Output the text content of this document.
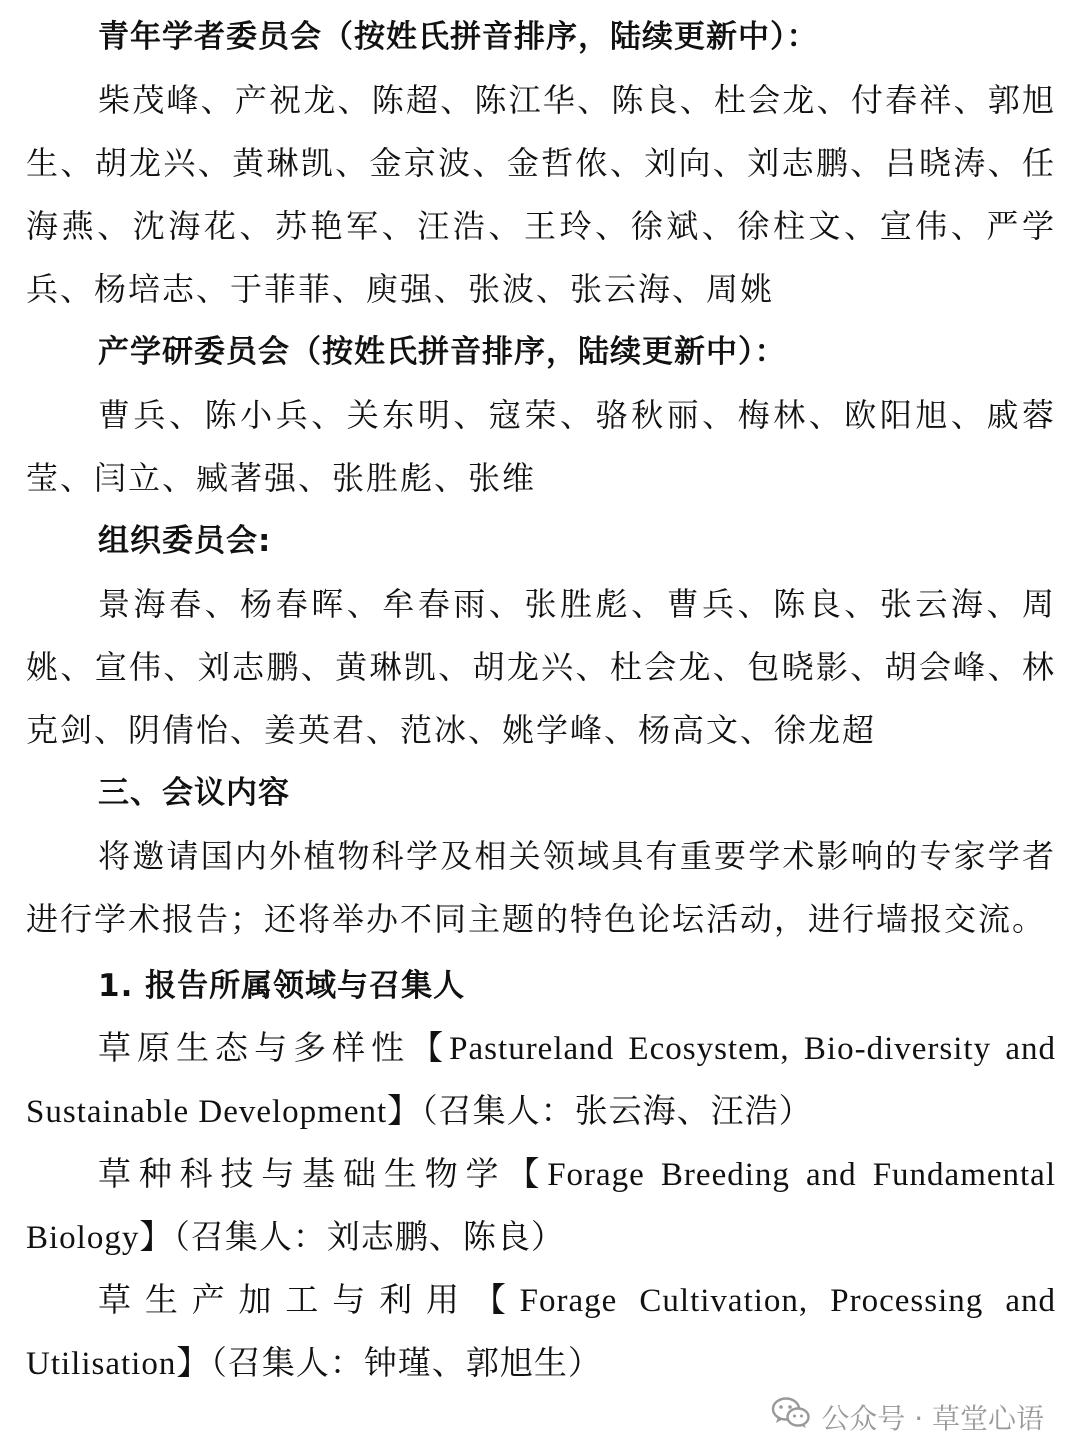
青年学者委员会（按姓氏拼音排序，陆续更新中）：

柴茂峰、产祝龙、陈超、陈江华、陈良、杜会龙、付春祥、郭旭生、胡龙兴、黄琳凯、金京波、金哲侬、刘向、刘志鹏、吕晓涛、任海燕、沈海花、苏艳军、汪浩、王玲、徐斌、徐柱文、宣伟、严学兵、杨培志、于菲菲、庾强、张波、张云海、周姚

产学研委员会（按姓氏拼音排序，陆续更新中）：

曹兵、陈小兵、关东明、寇荣、骆秋丽、梅林、欧阳旭、戚蓉莹、闫立、臧著强、张胜彪、张维

组织委员会:

景海春、杨春晖、牟春雨、张胜彪、曹兵、陈良、张云海、周姚、宣伟、刘志鹏、黄琳凯、胡龙兴、杜会龙、包晓影、胡会峰、林克剑、阴倩怡、姜英君、范冰、姚学峰、杨高文、徐龙超

三、会议内容

将邀请国内外植物科学及相关领域具有重要学术影响的专家学者进行学术报告；还将举办不同主题的特色论坛活动，进行墙报交流。

1. 报告所属领域与召集人

草原生态与多样性【Pastureland Ecosystem, Bio-diversity and Sustainable Development】（召集人：张云海、汪浩）

草种科技与基础生物学【Forage Breeding and Fundamental Biology】（召集人：刘志鹏、陈良）

草生产加工与利用【Forage Cultivation, Processing and Utilisation】（召集人：钟瑾、郭旭生）

公众号 · 草堂心语
